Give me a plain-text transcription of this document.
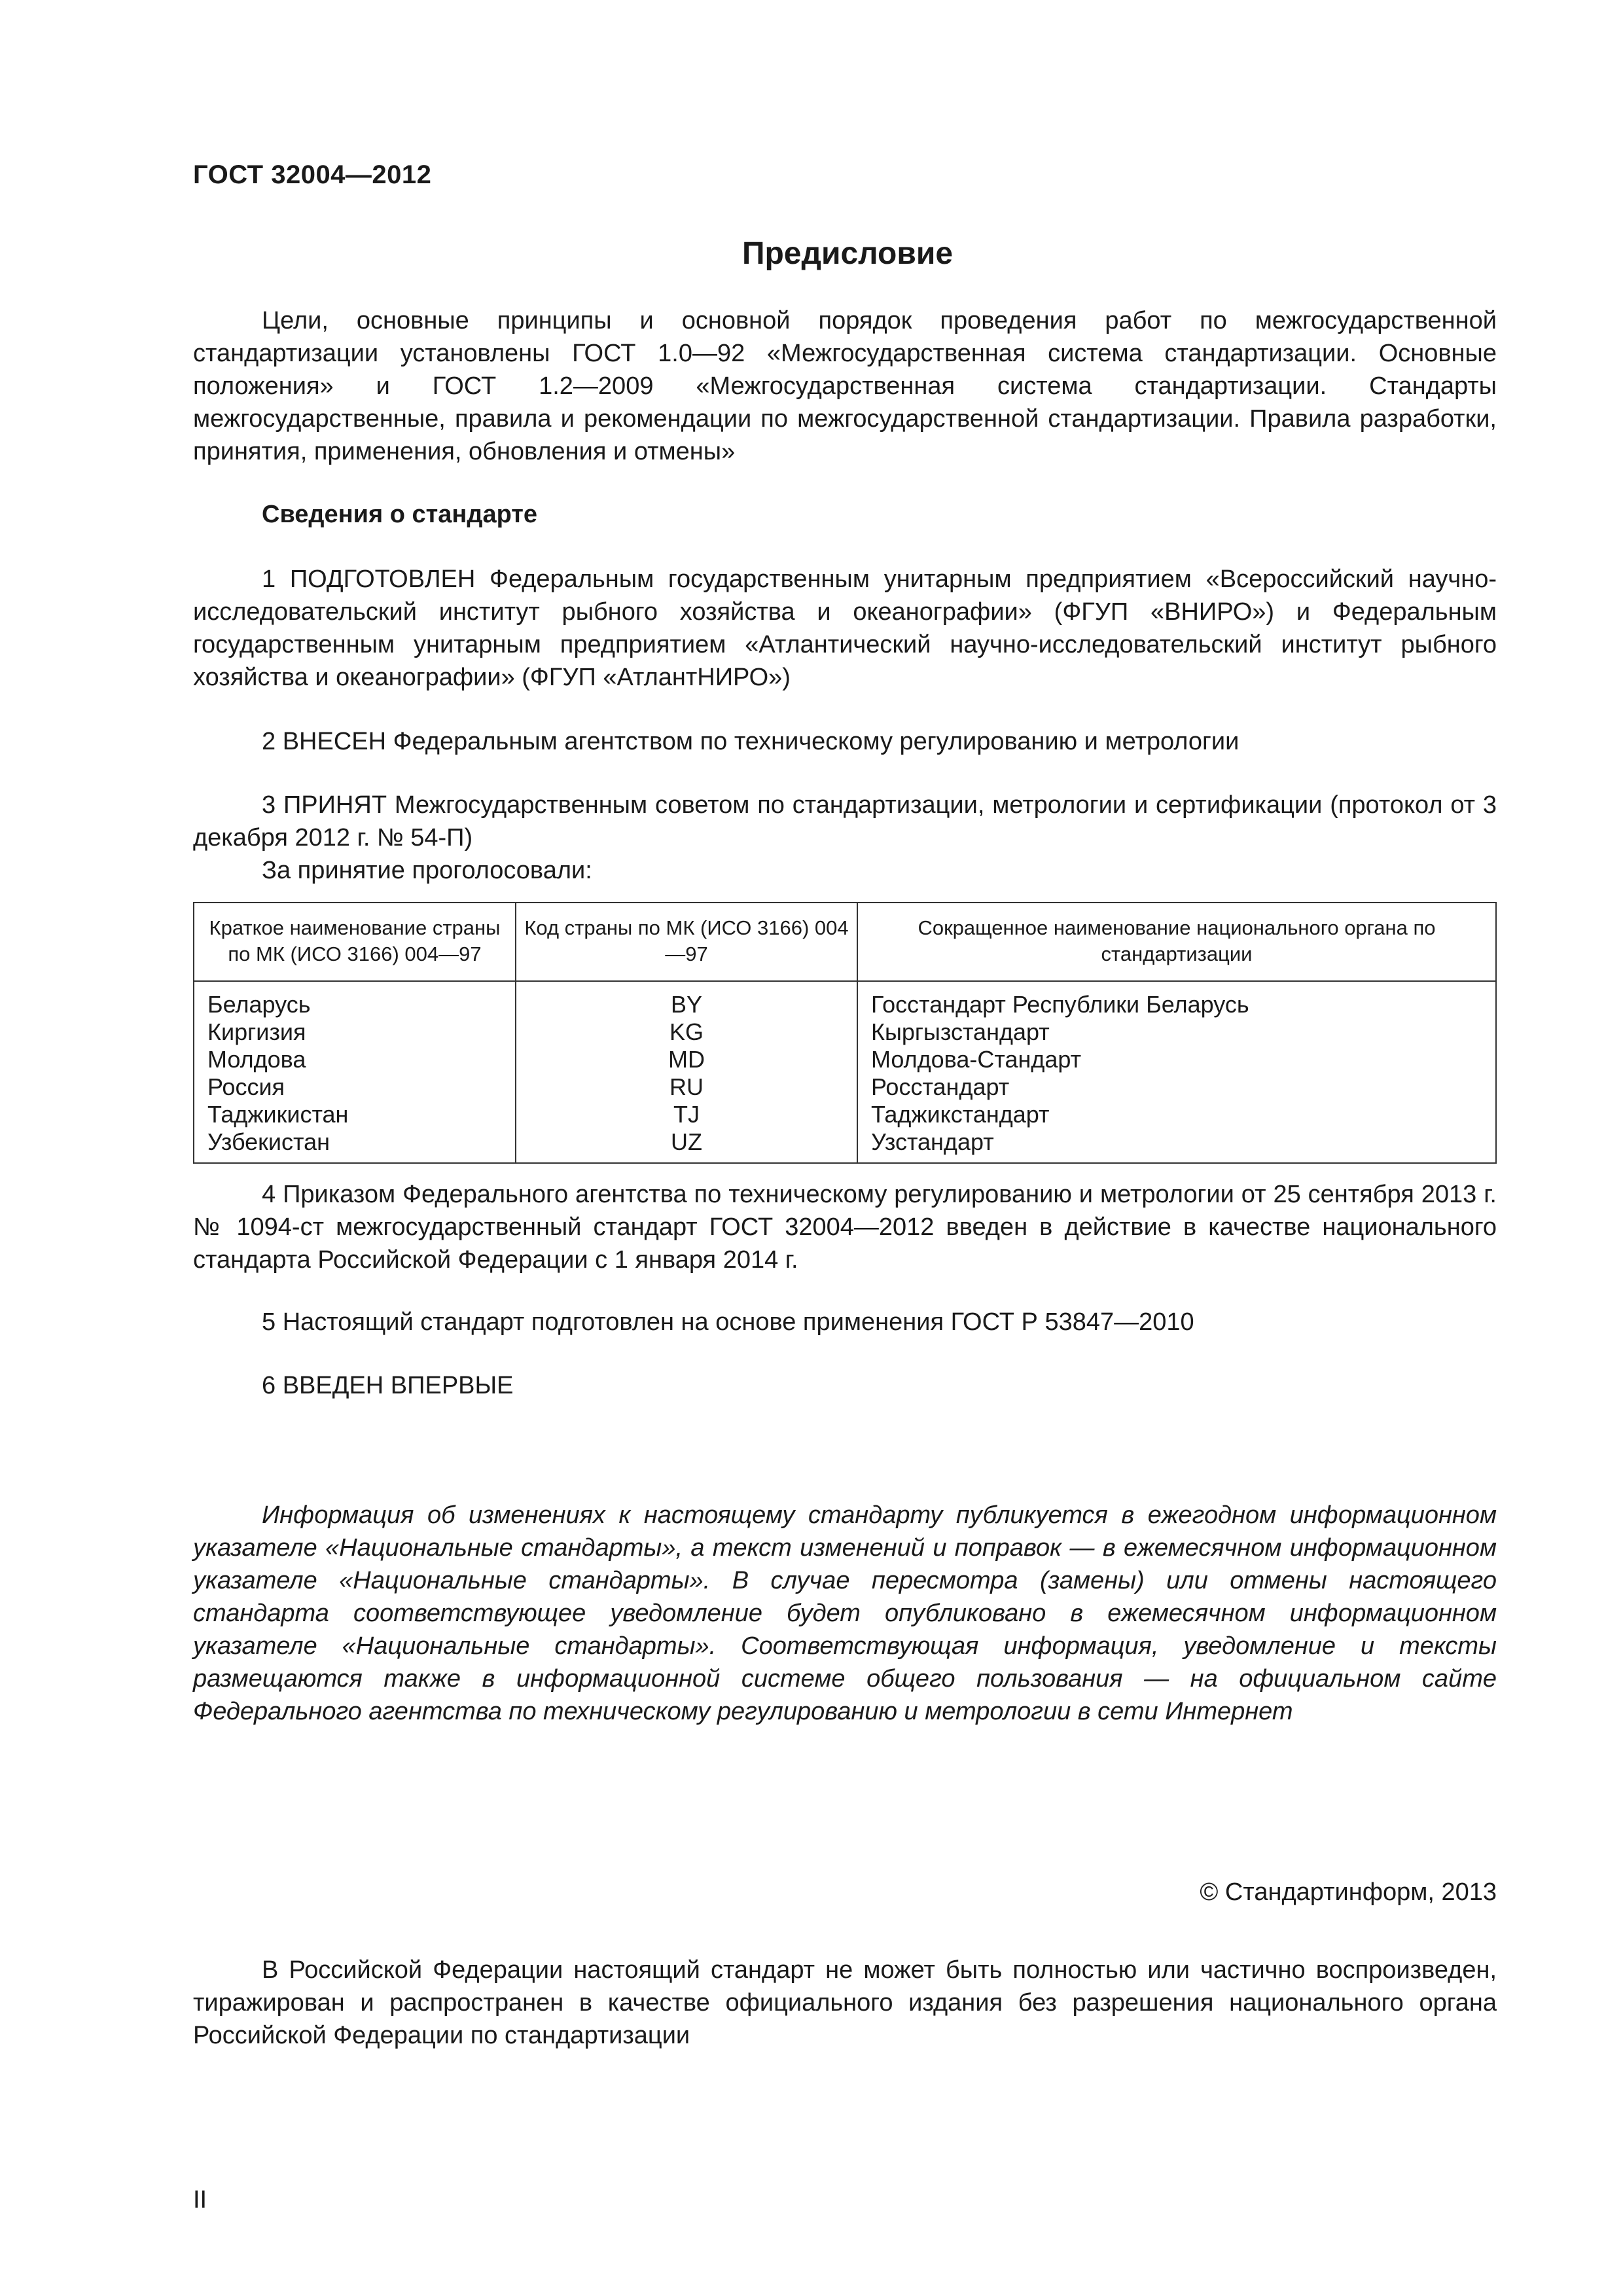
ГОСТ 32004—2012
Предисловие
Цели, основные принципы и основной порядок проведения работ по межгосударственной стандартизации установлены ГОСТ 1.0—92 «Межгосударственная система стандартизации. Основные положения» и ГОСТ 1.2—2009 «Межгосударственная система стандартизации. Стандарты межгосударственные, правила и рекомендации по межгосударственной стандартизации. Правила разработки, принятия, применения, обновления и отмены»
Сведения о стандарте
1 ПОДГОТОВЛЕН Федеральным государственным унитарным предприятием «Всероссийский научно-исследовательский институт рыбного хозяйства и океанографии» (ФГУП «ВНИРО») и Федеральным государственным унитарным предприятием «Атлантический научно-исследовательский институт рыбного хозяйства и океанографии» (ФГУП «АтлантНИРО»)
2 ВНЕСЕН Федеральным агентством по техническому регулированию и метрологии
3 ПРИНЯТ Межгосударственным советом по стандартизации, метрологии и сертификации (протокол от 3 декабря 2012 г. № 54-П)
За принятие проголосовали:
Краткое наименование страны по МК (ИСО 3166) 004—97	Код страны по МК (ИСО 3166) 004—97	Сокращенное наименование национального органа по стандартизации
Беларусь	BY	Госстандарт Республики Беларусь
Киргизия	KG	Кыргызстандарт
Молдова	MD	Молдова-Стандарт
Россия	RU	Росстандарт
Таджикистан	TJ	Таджикстандарт
Узбекистан	UZ	Узстандарт
4 Приказом Федерального агентства по техническому регулированию и метрологии от 25 сентября 2013 г. № 1094-ст межгосударственный стандарт ГОСТ 32004—2012 введен в действие в качестве национального стандарта Российской Федерации с 1 января 2014 г.
5 Настоящий стандарт подготовлен на основе применения ГОСТ Р 53847—2010
6 ВВЕДЕН ВПЕРВЫЕ
Информация об изменениях к настоящему стандарту публикуется в ежегодном информационном указателе «Национальные стандарты», а текст изменений и поправок — в ежемесячном информационном указателе «Национальные стандарты». В случае пересмотра (замены) или отмены настоящего стандарта соответствующее уведомление будет опубликовано в ежемесячном информационном указателе «Национальные стандарты». Соответствующая информация, уведомление и тексты размещаются также в информационной системе общего пользования — на официальном сайте Федерального агентства по техническому регулированию и метрологии в сети Интернет
© Стандартинформ, 2013
В Российской Федерации настоящий стандарт не может быть полностью или частично воспроизведен, тиражирован и распространен в качестве официального издания без разрешения национального органа Российской Федерации по стандартизации
II
